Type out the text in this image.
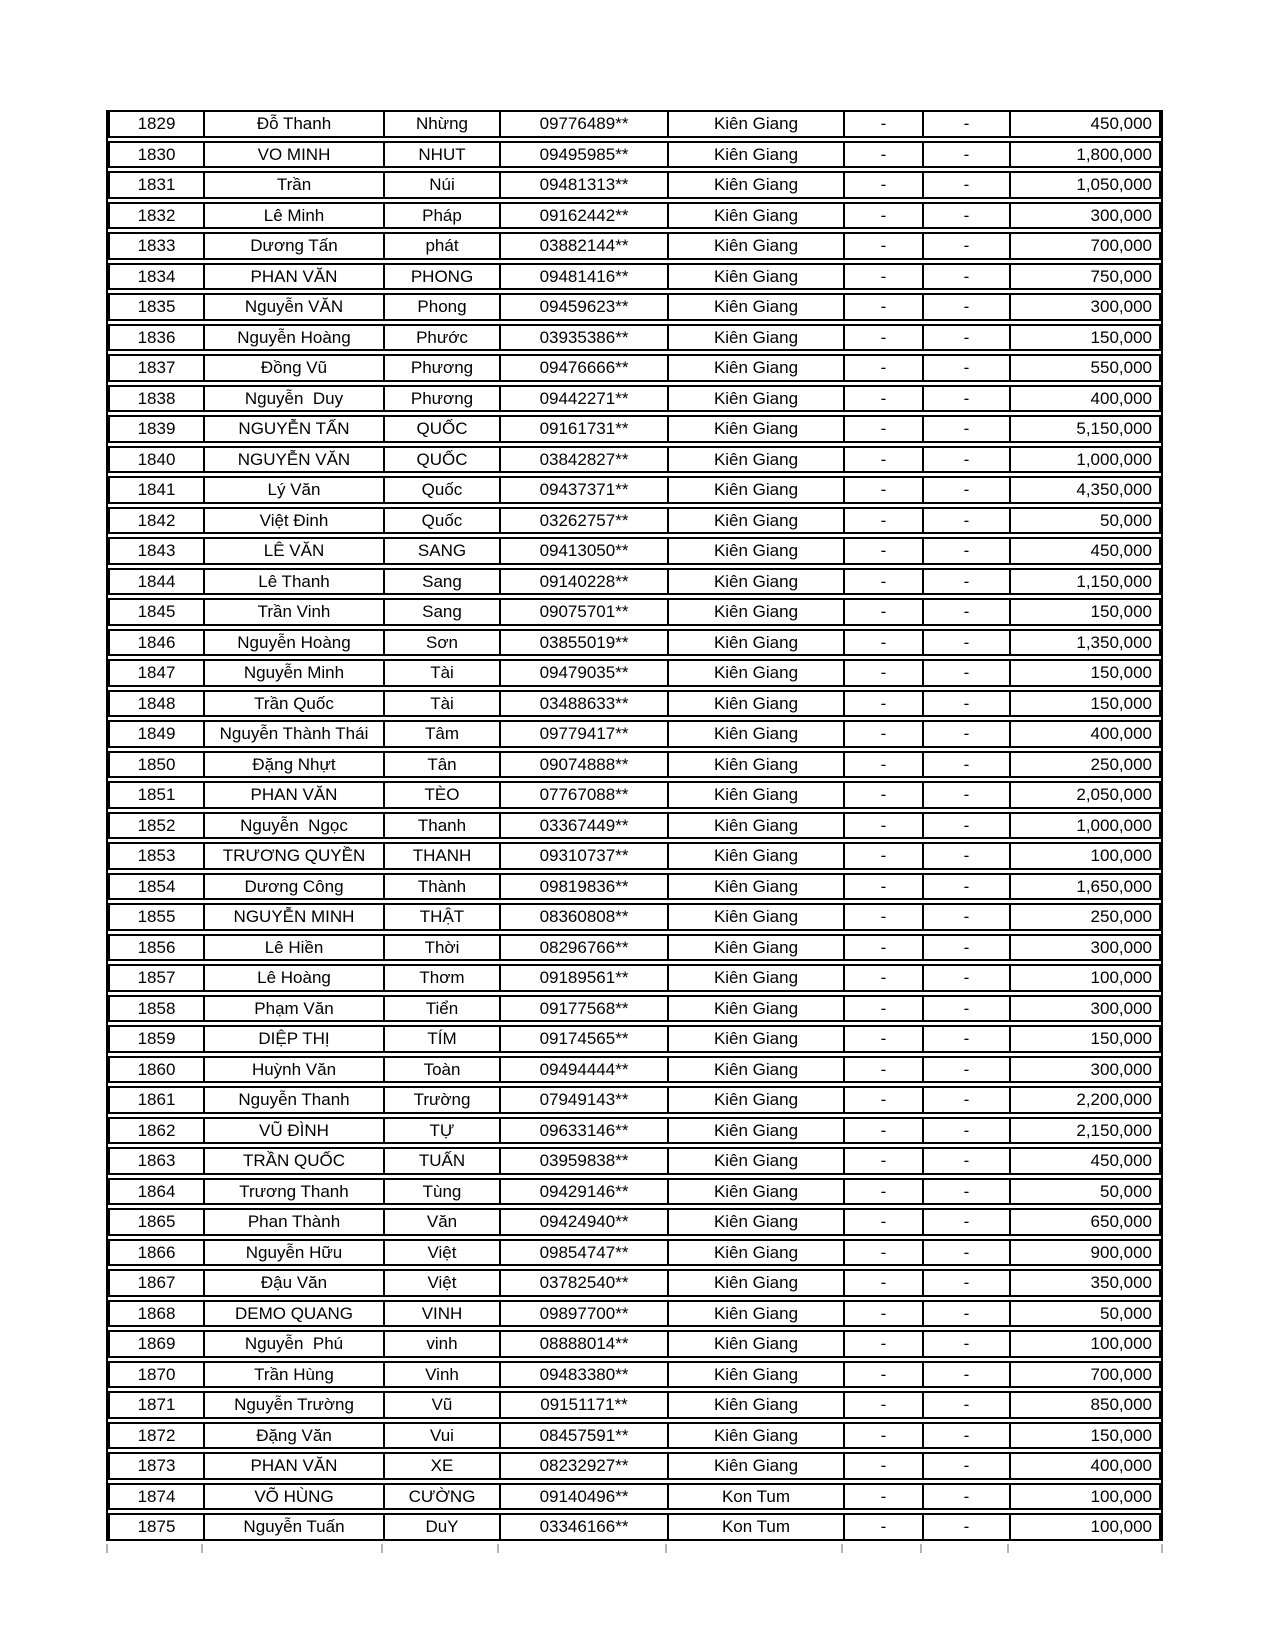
1829	Đỗ Thanh	Nhừng	09776489**	Kiên Giang	-	-	450,000
1830	VO MINH	NHUT	09495985**	Kiên Giang	-	-	1,800,000
1831	Trần	Núi	09481313**	Kiên Giang	-	-	1,050,000
1832	Lê Minh	Pháp	09162442**	Kiên Giang	-	-	300,000
1833	Dương Tấn	phát	03882144**	Kiên Giang	-	-	700,000
1834	PHAN VĂN	PHONG	09481416**	Kiên Giang	-	-	750,000
1835	Nguyễn VĂN	Phong	09459623**	Kiên Giang	-	-	300,000
1836	Nguyễn Hoàng	Phước	03935386**	Kiên Giang	-	-	150,000
1837	Đồng Vũ	Phương	09476666**	Kiên Giang	-	-	550,000
1838	Nguyễn  Duy	Phương	09442271**	Kiên Giang	-	-	400,000
1839	NGUYỄN TẤN	QUỐC	09161731**	Kiên Giang	-	-	5,150,000
1840	NGUYỄN VĂN	QUỐC	03842827**	Kiên Giang	-	-	1,000,000
1841	Lý Văn	Quốc	09437371**	Kiên Giang	-	-	4,350,000
1842	Việt Đinh	Quốc	03262757**	Kiên Giang	-	-	50,000
1843	LÊ VĂN	SANG	09413050**	Kiên Giang	-	-	450,000
1844	Lê Thanh	Sang	09140228**	Kiên Giang	-	-	1,150,000
1845	Trần Vinh	Sang	09075701**	Kiên Giang	-	-	150,000
1846	Nguyễn Hoàng	Sơn	03855019**	Kiên Giang	-	-	1,350,000
1847	Nguyễn Minh	Tài	09479035**	Kiên Giang	-	-	150,000
1848	Trần Quốc	Tài	03488633**	Kiên Giang	-	-	150,000
1849	Nguyễn Thành Thái	Tâm	09779417**	Kiên Giang	-	-	400,000
1850	Đặng Nhựt	Tân	09074888**	Kiên Giang	-	-	250,000
1851	PHAN VĂN	TÈO	07767088**	Kiên Giang	-	-	2,050,000
1852	Nguyễn  Ngọc	Thanh	03367449**	Kiên Giang	-	-	1,000,000
1853	TRƯƠNG QUYỀN	THANH	09310737**	Kiên Giang	-	-	100,000
1854	Dương Công	Thành	09819836**	Kiên Giang	-	-	1,650,000
1855	NGUYỄN MINH	THẬT	08360808**	Kiên Giang	-	-	250,000
1856	Lê Hiền	Thời	08296766**	Kiên Giang	-	-	300,000
1857	Lê Hoàng	Thơm	09189561**	Kiên Giang	-	-	100,000
1858	Phạm Văn	Tiển	09177568**	Kiên Giang	-	-	300,000
1859	DIỆP THỊ	TÍM	09174565**	Kiên Giang	-	-	150,000
1860	Huỳnh Văn	Toàn	09494444**	Kiên Giang	-	-	300,000
1861	Nguyễn Thanh	Trường	07949143**	Kiên Giang	-	-	2,200,000
1862	VŨ ĐÌNH	TỰ	09633146**	Kiên Giang	-	-	2,150,000
1863	TRẦN QUỐC	TUẤN	03959838**	Kiên Giang	-	-	450,000
1864	Trương Thanh	Tùng	09429146**	Kiên Giang	-	-	50,000
1865	Phan Thành	Văn	09424940**	Kiên Giang	-	-	650,000
1866	Nguyễn Hữu	Việt	09854747**	Kiên Giang	-	-	900,000
1867	Đậu Văn	Việt	03782540**	Kiên Giang	-	-	350,000
1868	DEMO QUANG	VINH	09897700**	Kiên Giang	-	-	50,000
1869	Nguyễn  Phú	vinh	08888014**	Kiên Giang	-	-	100,000
1870	Trần Hùng	Vinh	09483380**	Kiên Giang	-	-	700,000
1871	Nguyễn Trường	Vũ	09151171**	Kiên Giang	-	-	850,000
1872	Đặng Văn	Vui	08457591**	Kiên Giang	-	-	150,000
1873	PHAN VĂN	XE	08232927**	Kiên Giang	-	-	400,000
1874	VÕ HÙNG	CƯỜNG	09140496**	Kon Tum	-	-	100,000
1875	Nguyễn Tuấn	DuY	03346166**	Kon Tum	-	-	100,000
